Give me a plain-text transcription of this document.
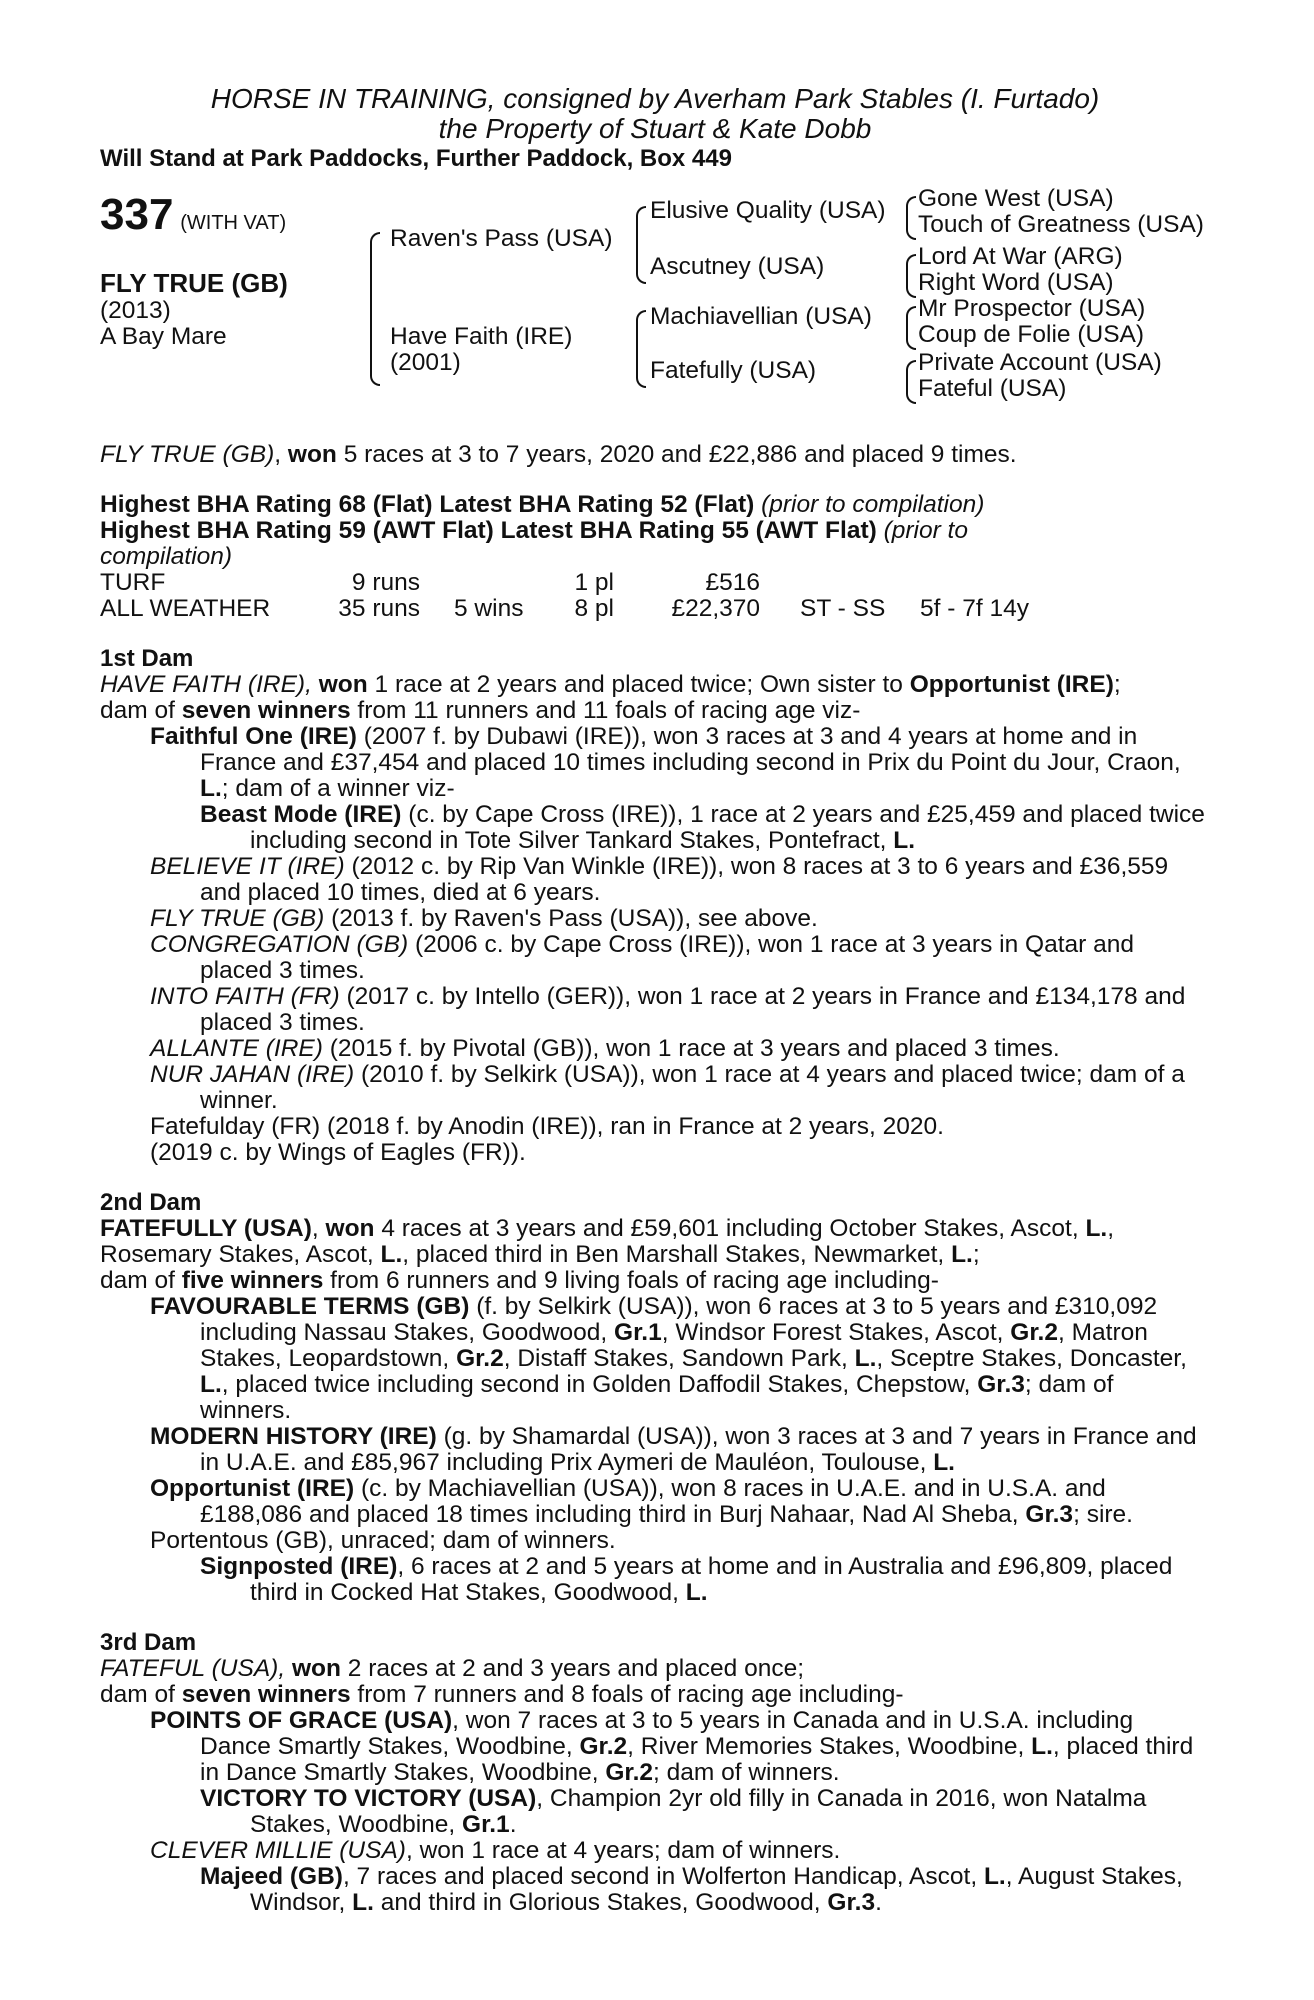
HORSE IN TRAINING, consigned by Averham Park Stables (I. Furtado)
the Property of Stuart & Kate Dobb
Will Stand at Park Paddocks, Further Paddock, Box 449
337 (WITH VAT)
FLY TRUE (GB)
(2013)
A Bay Mare
Raven's Pass (USA)
Have Faith (IRE)
(2001)
Elusive Quality (USA)
Ascutney (USA)
Machiavellian (USA)
Fatefully (USA)
Gone West (USA)
Touch of Greatness (USA)
Lord At War (ARG)
Right Word (USA)
Mr Prospector (USA)
Coup de Folie (USA)
Private Account (USA)
Fateful (USA)

FLY TRUE (GB), won 5 races at 3 to 7 years, 2020 and £22,886 and placed 9 times.

Highest BHA Rating 68 (Flat) Latest BHA Rating 52 (Flat) (prior to compilation)

Highest BHA Rating 59 (AWT Flat) Latest BHA Rating 55 (AWT Flat) (prior to
compilation)

TURF	9 runs		1 pl	£516		
ALL WEATHER	35 runs	5 wins	8 pl	£22,370	ST - SS	5f - 7f 14y
1st Dam

HAVE FAITH (IRE), won 1 race at 2 years and placed twice; Own sister to Opportunist (IRE);

dam of seven winners from 11 runners and 11 foals of racing age viz-

Faithful One (IRE) (2007 f. by Dubawi (IRE)), won 3 races at 3 and 4 years at home and in France and £37,454 and placed 10 times including second in Prix du Point du Jour, Craon, L.; dam of a winner viz-

Beast Mode (IRE) (c. by Cape Cross (IRE)), 1 race at 2 years and £25,459 and placed twice including second in Tote Silver Tankard Stakes, Pontefract, L.

BELIEVE IT (IRE) (2012 c. by Rip Van Winkle (IRE)), won 8 races at 3 to 6 years and £36,559 and placed 10 times, died at 6 years.

FLY TRUE (GB) (2013 f. by Raven's Pass (USA)), see above.

CONGREGATION (GB) (2006 c. by Cape Cross (IRE)), won 1 race at 3 years in Qatar and placed 3 times.

INTO FAITH (FR) (2017 c. by Intello (GER)), won 1 race at 2 years in France and £134,178 and placed 3 times.

ALLANTE (IRE) (2015 f. by Pivotal (GB)), won 1 race at 3 years and placed 3 times.

NUR JAHAN (IRE) (2010 f. by Selkirk (USA)), won 1 race at 4 years and placed twice; dam of a winner.

Fatefulday (FR) (2018 f. by Anodin (IRE)), ran in France at 2 years, 2020.

(2019 c. by Wings of Eagles (FR)).

2nd Dam

FATEFULLY (USA), won 4 races at 3 years and £59,601 including October Stakes, Ascot, L., Rosemary Stakes, Ascot, L., placed third in Ben Marshall Stakes, Newmarket, L.;

dam of five winners from 6 runners and 9 living foals of racing age including-

FAVOURABLE TERMS (GB) (f. by Selkirk (USA)), won 6 races at 3 to 5 years and £310,092 including Nassau Stakes, Goodwood, Gr.1, Windsor Forest Stakes, Ascot, Gr.2, Matron Stakes, Leopardstown, Gr.2, Distaff Stakes, Sandown Park, L., Sceptre Stakes, Doncaster, L., placed twice including second in Golden Daffodil Stakes, Chepstow, Gr.3; dam of winners.

MODERN HISTORY (IRE) (g. by Shamardal (USA)), won 3 races at 3 and 7 years in France and in U.A.E. and £85,967 including Prix Aymeri de Mauléon, Toulouse, L.

Opportunist (IRE) (c. by Machiavellian (USA)), won 8 races in U.A.E. and in U.S.A. and £188,086 and placed 18 times including third in Burj Nahaar, Nad Al Sheba, Gr.3; sire.

Portentous (GB), unraced; dam of winners.

Signposted (IRE), 6 races at 2 and 5 years at home and in Australia and £96,809, placed third in Cocked Hat Stakes, Goodwood, L.

3rd Dam

FATEFUL (USA), won 2 races at 2 and 3 years and placed once;

dam of seven winners from 7 runners and 8 foals of racing age including-

POINTS OF GRACE (USA), won 7 races at 3 to 5 years in Canada and in U.S.A. including Dance Smartly Stakes, Woodbine, Gr.2, River Memories Stakes, Woodbine, L., placed third in Dance Smartly Stakes, Woodbine, Gr.2; dam of winners.

VICTORY TO VICTORY (USA), Champion 2yr old filly in Canada in 2016, won Natalma Stakes, Woodbine, Gr.1.

CLEVER MILLIE (USA), won 1 race at 4 years; dam of winners.

Majeed (GB), 7 races and placed second in Wolferton Handicap, Ascot, L., August Stakes, Windsor, L. and third in Glorious Stakes, Goodwood, Gr.3.
